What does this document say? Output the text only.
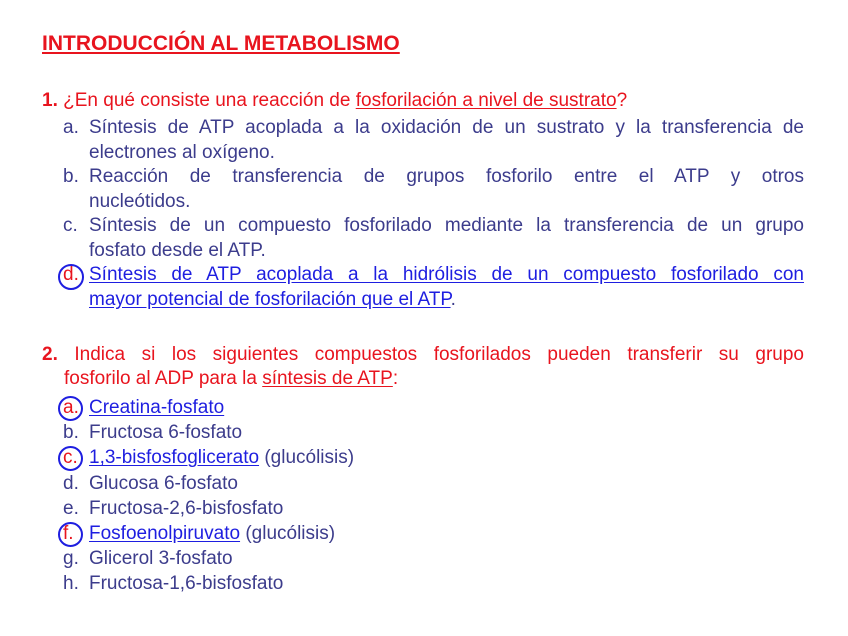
INTRODUCCIÓN AL METABOLISMO
1. ¿En qué consiste una reacción de fosforilación a nivel de sustrato?
a. Síntesis de ATP acoplada a la oxidación de un sustrato y la transferencia de
electrones al oxígeno.
b. Reacción de transferencia de grupos fosforilo entre el ATP y otros
nucleótidos.
c. Síntesis de un compuesto fosforilado mediante la transferencia de un grupo
fosfato desde el ATP.
d. Síntesis de ATP acoplada a la hidrólisis de un compuesto fosforilado con
mayor potencial de fosforilación que el ATP.
2. Indica si los siguientes compuestos fosforilados pueden transferir su grupo
fosforilo al ADP para la síntesis de ATP:
a. Creatina-fosfato
b. Fructosa 6-fosfato
c. 1,3-bisfosfoglicerato (glucólisis)
d. Glucosa 6-fosfato
e. Fructosa-2,6-bisfosfato
f. Fosfoenolpiruvato (glucólisis)
g. Glicerol 3-fosfato
h. Fructosa-1,6-bisfosfato
